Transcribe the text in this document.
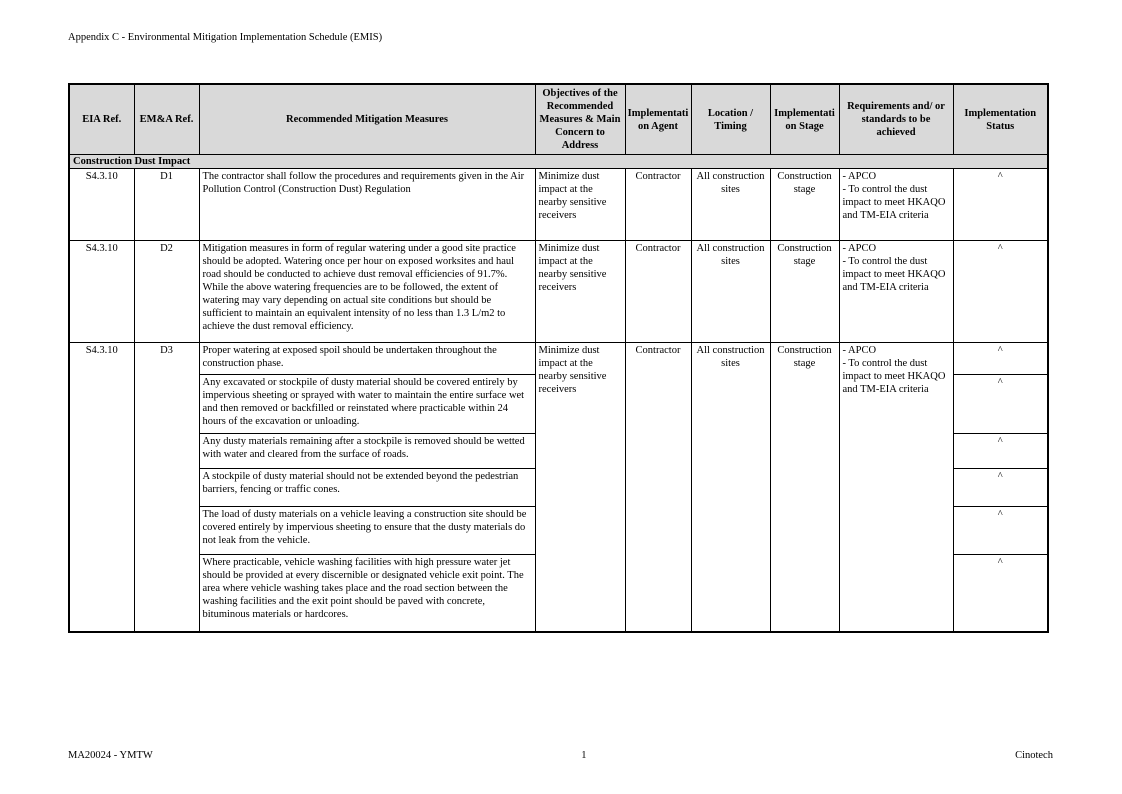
Appendix C - Environmental Mitigation Implementation Schedule (EMIS)
EIA Ref.	EM&A Ref.	Recommended Mitigation Measures	Objectives of the Recommended Measures & Main Concern to Address	Implementation Agent	Location / Timing	Implementation Stage	Requirements and/ or standards to be achieved	Implementation Status
Construction Dust Impact								
S4.3.10	D1	The contractor shall follow the procedures and requirements given in the Air Pollution Control (Construction Dust) Regulation	Minimize dust impact at the nearby sensitive receivers	Contractor	All construction sites	Construction stage	- APCO
- To control the dust impact to meet HKAQO and TM-EIA criteria	^
S4.3.10	D2	Mitigation measures in form of regular watering under a good site practice should be adopted. Watering once per hour on exposed worksites and haul road should be conducted to achieve dust removal efficiencies of 91.7%. While the above watering frequencies are to be followed, the extent of watering may vary depending on actual site conditions but should be sufficient to maintain an equivalent intensity of no less than 1.3 L/m2 to achieve the dust removal efficiency.	Minimize dust impact at the nearby sensitive receivers	Contractor	All construction sites	Construction stage	- APCO
- To control the dust impact to meet HKAQO and TM-EIA criteria	^
S4.3.10	D3	Proper watering at exposed spoil should be undertaken throughout the construction phase.	Minimize dust impact at the nearby sensitive receivers	Contractor	All construction sites	Construction stage	- APCO
- To control the dust impact to meet HKAQO and TM-EIA criteria	^
		Any excavated or stockpile of dusty material should be covered entirely by impervious sheeting or sprayed with water to maintain the entire surface wet and then removed or backfilled or reinstated where practicable within 24 hours of the excavation or unloading.						^
		Any dusty materials remaining after a stockpile is removed should be wetted with water and cleared from the surface of roads.						^
		A stockpile of dusty material should not be extended beyond the pedestrian barriers, fencing or traffic cones.						^
		The load of dusty materials on a vehicle leaving a construction site should be covered entirely by impervious sheeting to ensure that the dusty materials do not leak from the vehicle.						^
		Where practicable, vehicle washing facilities with high pressure water jet should be provided at every discernible or designated vehicle exit point. The area where vehicle washing takes place and the road section between the washing facilities and the exit point should be paved with concrete, bituminous materials or hardcores.						^
MA20024 - YMTW	1	Cinotech
